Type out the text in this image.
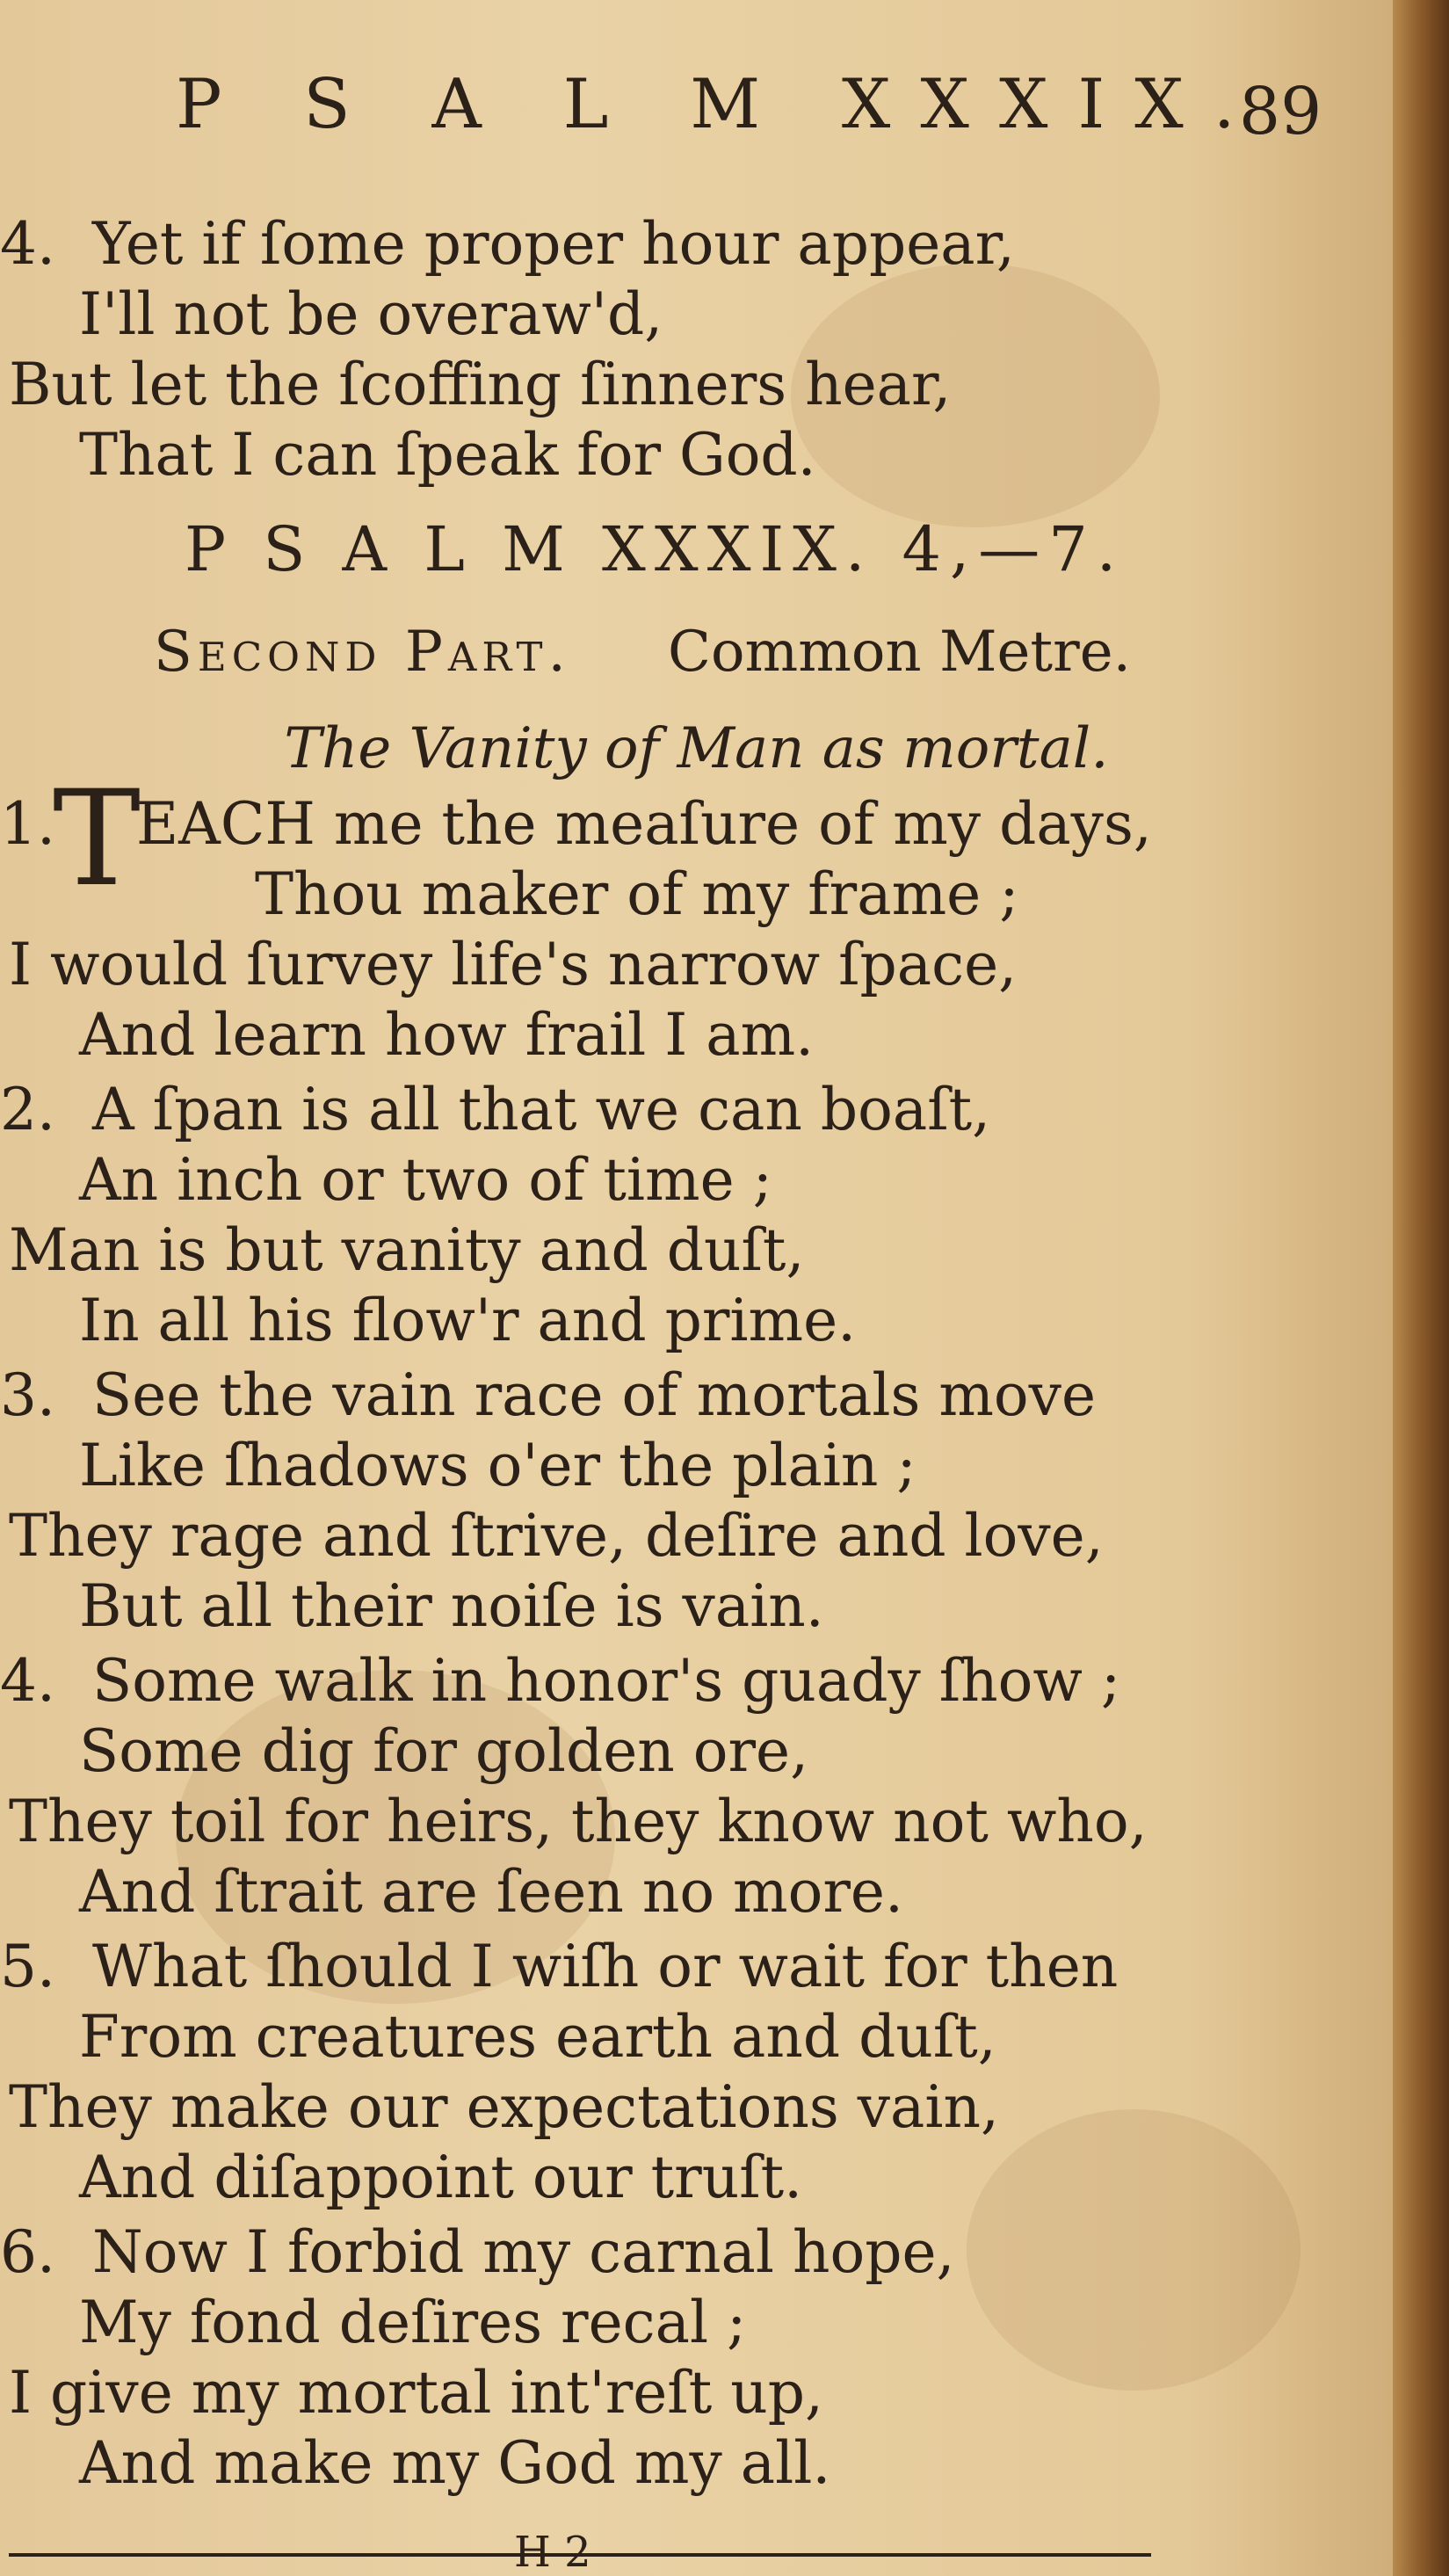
P S A L M XXXIX.
89
4. Yet if ſome proper hour appear,
I'll not be overaw'd,
But let the ſcoffing ſinners hear,
That I can ſpeak for God.
P S A L M XXXIX. 4,—7.
Second Part. Common Metre.
The Vanity of Man as mortal.
1.
T
EACH me the meaſure of my days,
Thou maker of my frame ;
I would ſurvey life's narrow ſpace,
And learn how frail I am.
2. A ſpan is all that we can boaſt,
An inch or two of time ;
Man is but vanity and duſt,
In all his flow'r and prime.
3. See the vain race of mortals move
Like ſhadows o'er the plain ;
They rage and ſtrive, deſire and love,
But all their noiſe is vain.
4. Some walk in honor's guady ſhow ;
Some dig for golden ore,
They toil for heirs, they know not who,
And ſtrait are ſeen no more.
5. What ſhould I wiſh or wait for then
From creatures earth and duſt,
They make our expectations vain,
And diſappoint our truſt.
6. Now I forbid my carnal hope,
My fond deſires recal ;
I give my mortal int'reſt up,
And make my God my all.
H 2
